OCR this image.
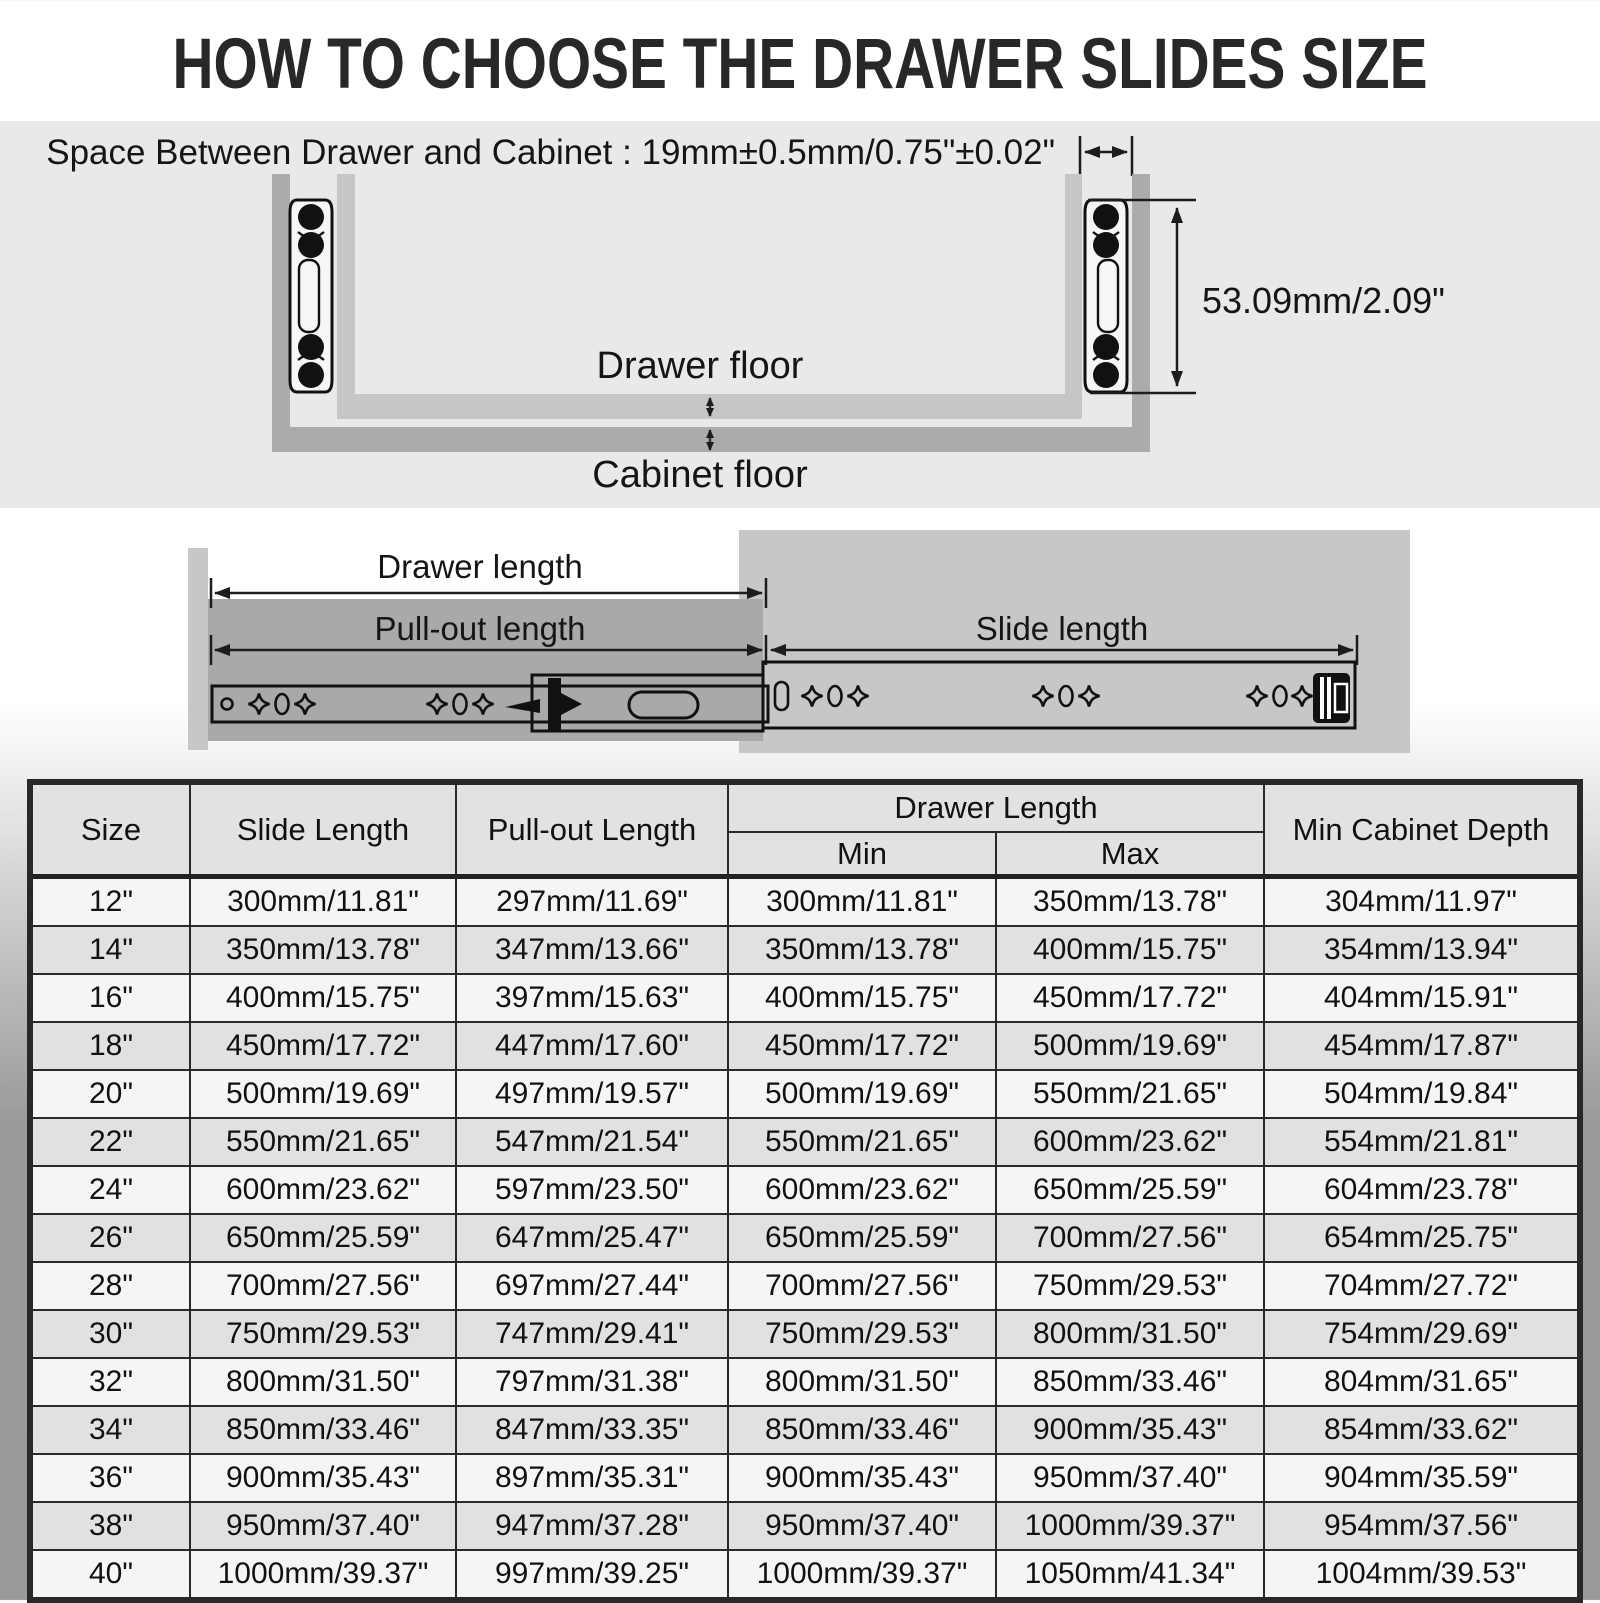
HOW TO CHOOSE THE DRAWER SLIDES SIZE
Space Between Drawer and Cabinet : 19mm±0.5mm/0.75"±0.02"
53.09mm/2.09"
Drawer floor
Cabinet floor
Drawer length
Pull-out length	Slide length
Size	Slide Length	Pull-out Length	Drawer Length		Min Cabinet Depth
			Min	Max	
12"	300mm/11.81"	297mm/11.69"	300mm/11.81"	350mm/13.78"	304mm/11.97"
14"	350mm/13.78"	347mm/13.66"	350mm/13.78"	400mm/15.75"	354mm/13.94"
16"	400mm/15.75"	397mm/15.63"	400mm/15.75"	450mm/17.72"	404mm/15.91"
18"	450mm/17.72"	447mm/17.60"	450mm/17.72"	500mm/19.69"	454mm/17.87"
20"	500mm/19.69"	497mm/19.57"	500mm/19.69"	550mm/21.65"	504mm/19.84"
22"	550mm/21.65"	547mm/21.54"	550mm/21.65"	600mm/23.62"	554mm/21.81"
24"	600mm/23.62"	597mm/23.50"	600mm/23.62"	650mm/25.59"	604mm/23.78"
26"	650mm/25.59"	647mm/25.47"	650mm/25.59"	700mm/27.56"	654mm/25.75"
28"	700mm/27.56"	697mm/27.44"	700mm/27.56"	750mm/29.53"	704mm/27.72"
30"	750mm/29.53"	747mm/29.41"	750mm/29.53"	800mm/31.50"	754mm/29.69"
32"	800mm/31.50"	797mm/31.38"	800mm/31.50"	850mm/33.46"	804mm/31.65"
34"	850mm/33.46"	847mm/33.35"	850mm/33.46"	900mm/35.43"	854mm/33.62"
36"	900mm/35.43"	897mm/35.31"	900mm/35.43"	950mm/37.40"	904mm/35.59"
38"	950mm/37.40"	947mm/37.28"	950mm/37.40"	1000mm/39.37"	954mm/37.56"
40"	1000mm/39.37"	997mm/39.25"	1000mm/39.37"	1050mm/41.34"	1004mm/39.53"
